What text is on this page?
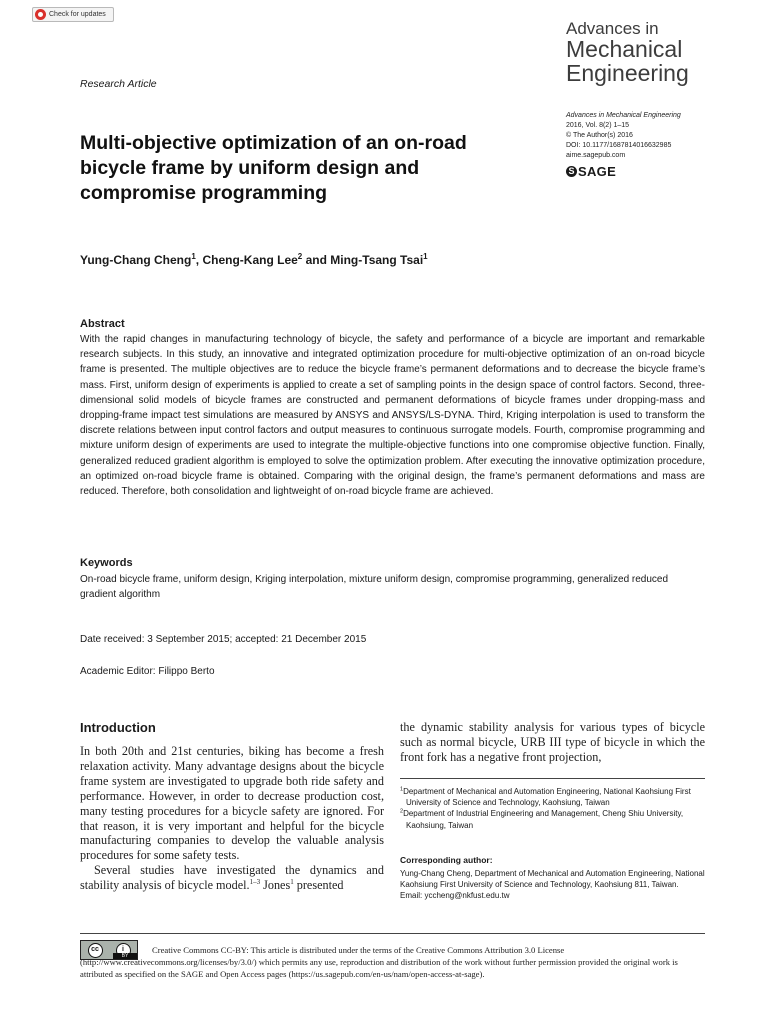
Check for updates
Advances in
Mechanical
Engineering
Advances in Mechanical Engineering
2016, Vol. 8(2) 1–15
© The Author(s) 2016
DOI: 10.1177/1687814016632985
aime.sagepub.com
S SAGE
Research Article
Multi-objective optimization of an on-road bicycle frame by uniform design and compromise programming
Yung-Chang Cheng$^1$, Cheng-Kang Lee$^2$ and Ming-Tsang Tsai$^1$
Abstract

With the rapid changes in manufacturing technology of bicycle, the safety and performance of a bicycle are important and remarkable research subjects. In this study, an innovative and integrated optimization procedure for multi-objective optimization of an on-road bicycle frame is presented. The multiple objectives are to reduce the bicycle frame’s permanent deformations and to decrease the bicycle frame’s mass. First, uniform design of experiments is applied to create a set of sampling points in the design space of control factors. Second, three-dimensional solid models of bicycle frames are constructed and permanent deformations of bicycle frames under dropping-mass and dropping-frame impact test simulations are measured by ANSYS and ANSYS/LS-DYNA. Third, Kriging interpolation is used to transform the discrete relations between input control factors and output measures to continuous surrogate models. Fourth, compromise programming and mixture uniform design of experiments are used to integrate the multiple-objective functions into one compromise objective function. Finally, generalized reduced gradient algorithm is employed to solve the optimization problem. After executing the innovative optimization procedure, an optimized on-road bicycle frame is obtained. Comparing with the original design, the frame’s permanent deformations and mass are reduced. Therefore, both consolidation and lightweight of on-road bicycle frame are achieved.

Keywords

On-road bicycle frame, uniform design, Kriging interpolation, mixture uniform design, compromise programming, generalized reduced gradient algorithm

Date received: 3 September 2015; accepted: 21 December 2015
Academic Editor: Filippo Berto
Introduction
In both 20th and 21st centuries, biking has become a fresh relaxation activity. Many advantage designs about the bicycle frame system are investigated to upgrade both ride safety and performance. However, in order to decrease production cost, many testing procedures for a bicycle safety are ignored. For that reason, it is very important and helpful for the bicycle manufacturing companies to develop the valuable analysis procedures for some safety tests.
Several studies have investigated the dynamics and stability analysis of bicycle model.$^{1-3}$ Jones$^1$ presented
the dynamic stability analysis for various types of bicycle such as normal bicycle, URB III type of bicycle in which the front fork has a negative front projection,
$^1$Department of Mechanical and Automation Engineering, National Kaohsiung First University of Science and Technology, Kaohsiung, Taiwan
$^2$Department of Industrial Engineering and Management, Cheng Shiu University, Kaohsiung, Taiwan
Corresponding author:
Yung-Chang Cheng, Department of Mechanical and Automation Engineering, National Kaohsiung First University of Science and Technology, Kaohsiung 811, Taiwan.
Email: yccheng@nkfust.edu.tw
cc	i
BY

Creative Commons CC-BY: This article is distributed under the terms of the Creative Commons Attribution 3.0 License (http://www.creativecommons.org/licenses/by/3.0/) which permits any use, reproduction and distribution of the work without further permission provided the original work is attributed as specified on the SAGE and Open Access pages (https://us.sagepub.com/en-us/nam/open-access-at-sage).
